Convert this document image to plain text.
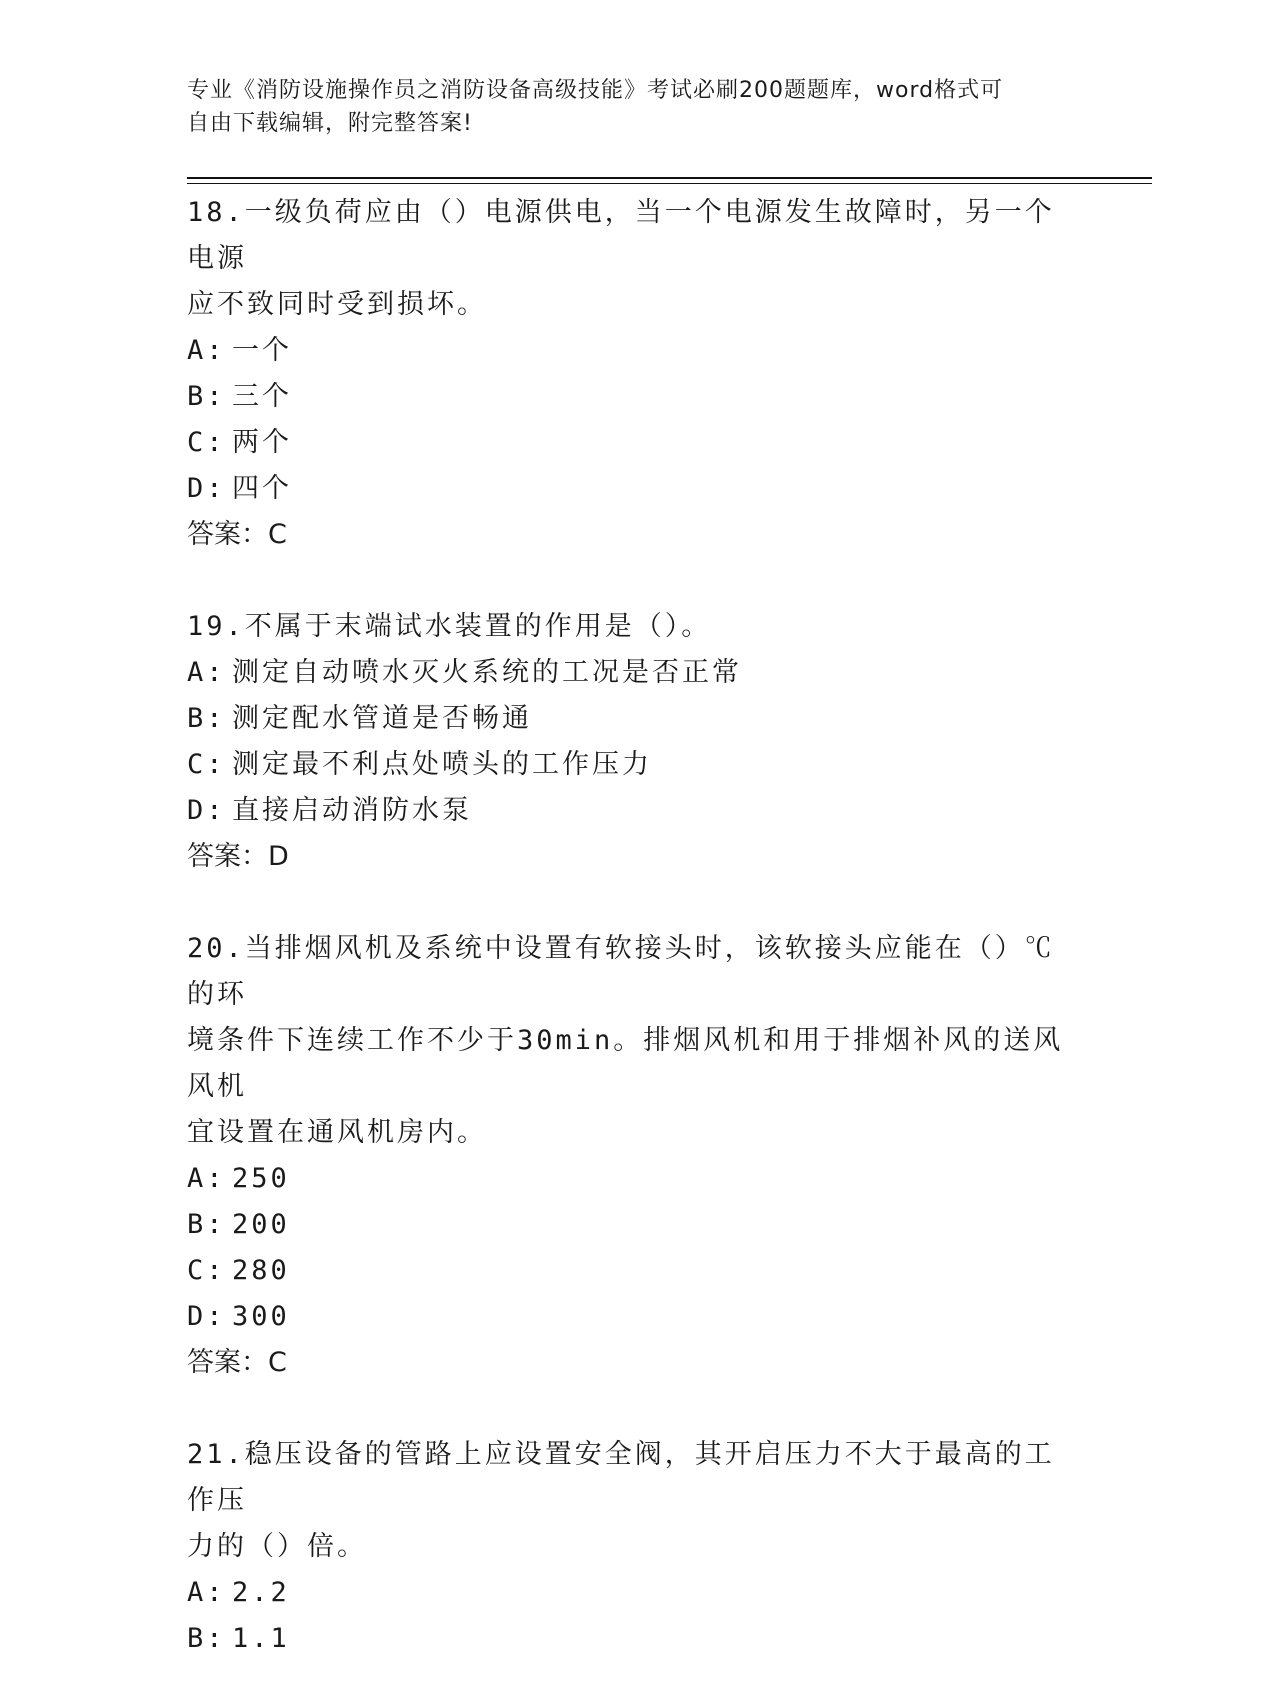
专业《消防设施操作员之消防设备高级技能》考试必刷200题题库，word格式可
自由下载编辑，附完整答案!
18.一级负荷应由（）电源供电，当一个电源发生故障时，另一个电源
应不致同时受到损坏。
A: 一个
B: 三个
C: 两个
D: 四个
答案：C
19.不属于末端试水装置的作用是（）。
A: 测定自动喷水灭火系统的工况是否正常
B: 测定配水管道是否畅通
C: 测定最不利点处喷头的工作压力
D: 直接启动消防水泵
答案：D
20.当排烟风机及系统中设置有软接头时，该软接头应能在（）℃的环
境条件下连续工作不少于30min。排烟风机和用于排烟补风的送风风机
宜设置在通风机房内。
A: 250
B: 200
C: 280
D: 300
答案：C
21.稳压设备的管路上应设置安全阀，其开启压力不大于最高的工作压
力的（）倍。
A: 2.2
B: 1.1
